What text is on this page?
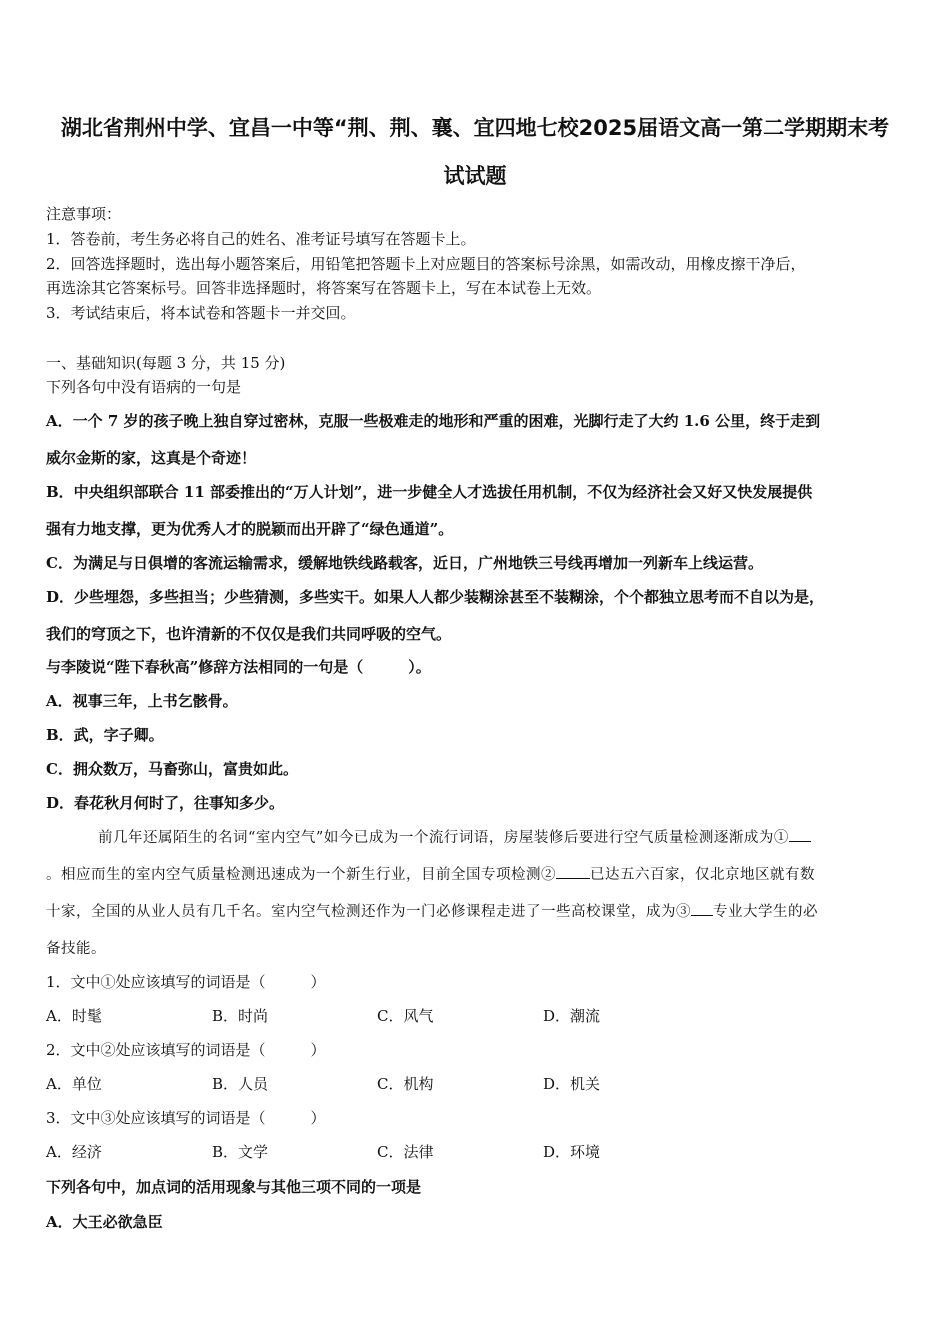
湖北省荆州中学、宜昌一中等“荆、荆、襄、宜四地七校2025届语文高一第二学期期末考
试试题
注意事项：
1．答卷前，考生务必将自己的姓名、准考证号填写在答题卡上。
2．回答选择题时，选出每小题答案后，用铅笔把答题卡上对应题目的答案标号涂黑，如需改动，用橡皮擦干净后，
再选涂其它答案标号。回答非选择题时，将答案写在答题卡上，写在本试卷上无效。
3．考试结束后，将本试卷和答题卡一并交回。
一、基础知识(每题 3 分，共 15 分)
下列各句中没有语病的一句是
A．一个 7 岁的孩子晚上独自穿过密林，克服一些极难走的地形和严重的困难，光脚行走了大约 1.6 公里，终于走到
威尔金斯的家，这真是个奇迹！
B．中央组织部联合 11 部委推出的“万人计划”，进一步健全人才选拔任用机制，不仅为经济社会又好又快发展提供
强有力地支撑，更为优秀人才的脱颖而出开辟了“绿色通道”。
C．为满足与日俱增的客流运输需求，缓解地铁线路载客，近日，广州地铁三号线再增加一列新车上线运营。
D．少些埋怨，多些担当；少些猜测，多些实干。如果人人都少装糊涂甚至不装糊涂，个个都独立思考而不自以为是，
我们的穹顶之下，也许清新的不仅仅是我们共同呼吸的空气。
与李陵说“陛下春秋高”修辞方法相同的一句是（　　　）。
A．视事三年，上书乞骸骨。
B．武，字子卿。
C．拥众数万，马畜弥山，富贵如此。
D．春花秋月何时了，往事知多少。
前几年还属陌生的名词“室内空气”如今已成为一个流行词语，房屋装修后要进行空气质量检测逐渐成为①
。相应而生的室内空气质量检测迅速成为一个新生行业，目前全国专项检测② 已达五六百家，仅北京地区就有数
十家，全国的从业人员有几千名。室内空气检测还作为一门必修课程走进了一些高校课堂，成为③ 专业大学生的必
备技能。
1．文中①处应该填写的词语是（　　　）
A．时髦	B．时尚	C．风气	D．潮流
2．文中②处应该填写的词语是（　　　）
A．单位	B．人员	C．机构	D．机关
3．文中③处应该填写的词语是（　　　）
A．经济	B．文学	C．法律	D．环境
下列各句中，加点词的活用现象与其他三项不同的一项是
A．大王必欲急臣
